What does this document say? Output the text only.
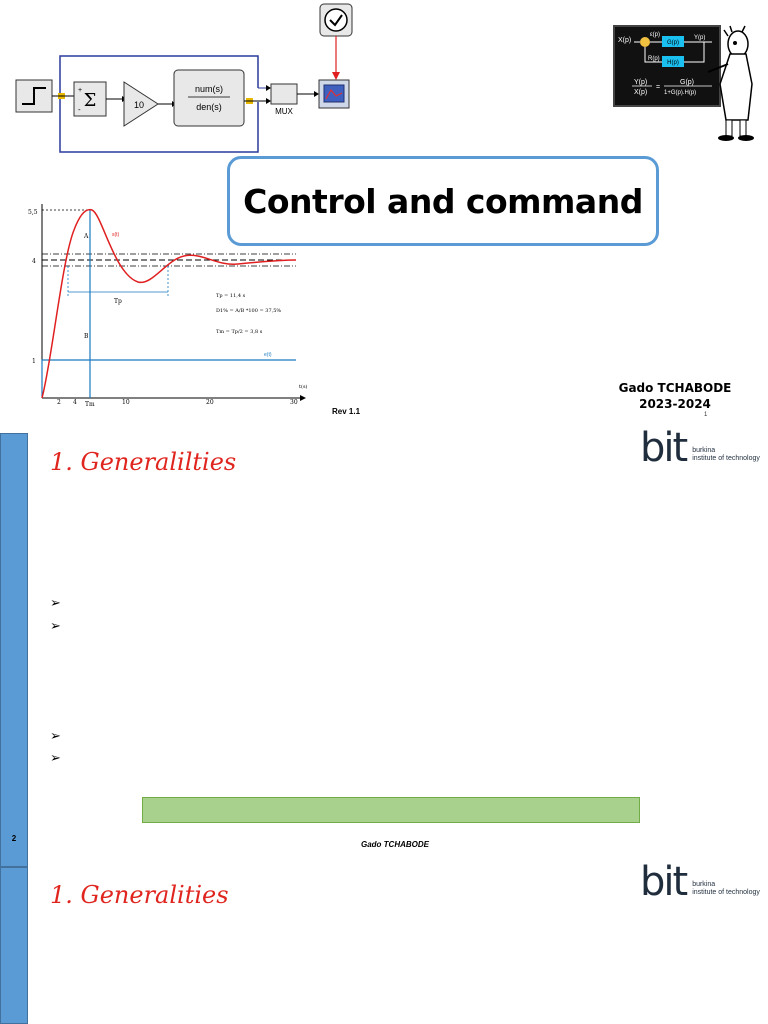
Σ
+
-	10
num(s)
den(s)	MUX
X(p)
ε(p)
G(p)
Y(p)
H(p)
R(p)
Y(p)
X(p)
=
G(p)
1+G(p).H(p)
5,5
4
1
s(t)
e(t)
A
B
Tp
Tp = 11,4 s
D1% = A/B *100 = 37,5%
Tm = Tp/2 = 3,8 s
t(s)
2 4 Tm	10	20	30
Control and command
Gado TCHABODE
2023-2024
Rev 1.1	1
2
1. Generalilties	bit burkina
institute of technology
➢
➢
➢
➢
Gado TCHABODE
1. Generalities	bit burkina
institute of technology
